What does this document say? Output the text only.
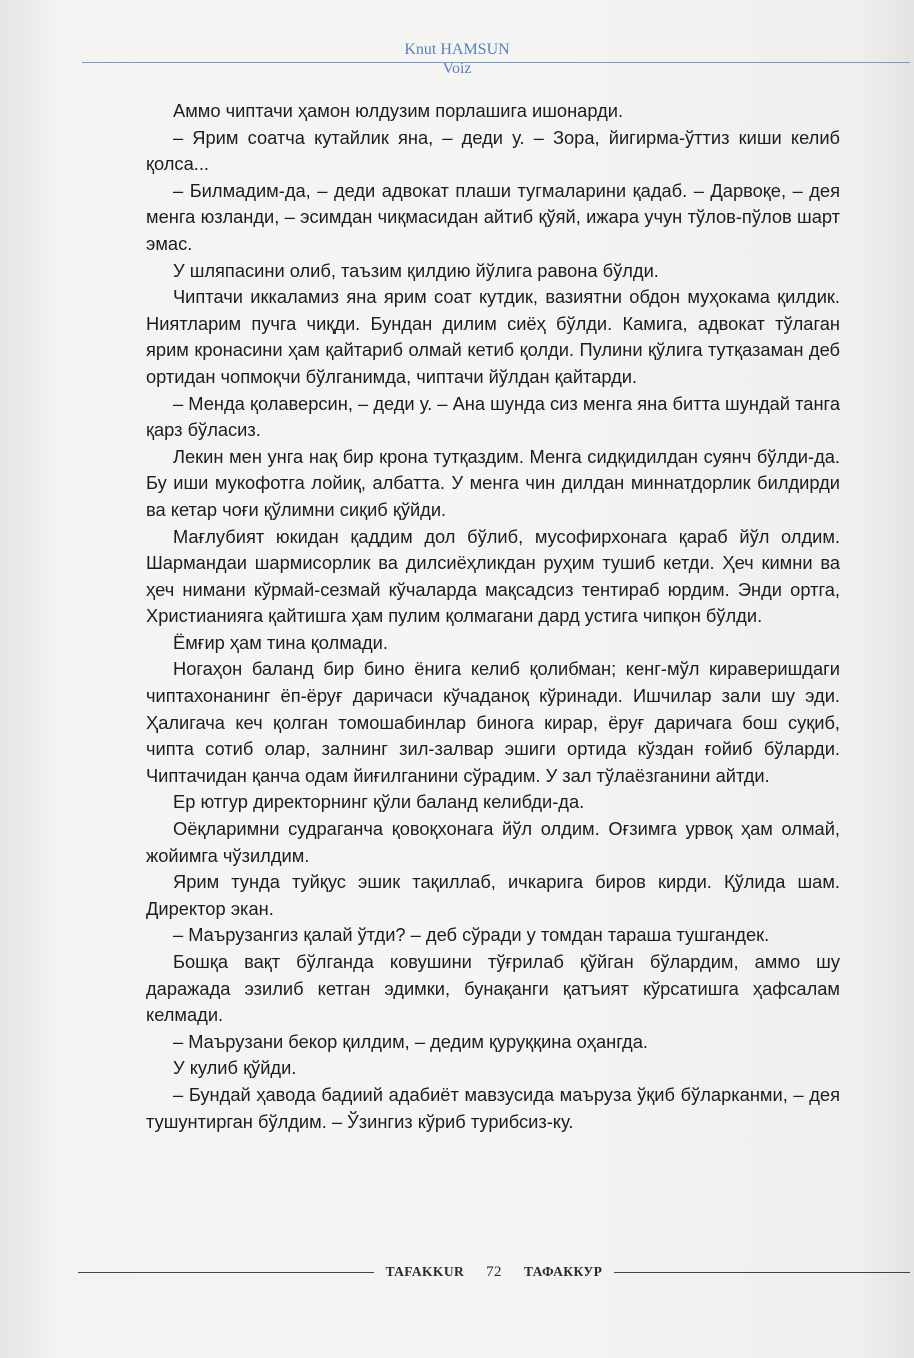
Knut HAMSUN
Voiz

Аммо чиптачи ҳамон юлдузим порлашига ишонарди.

– Ярим соатча кутайлик яна, – деди у. – Зора, йигирма-ўттиз киши келиб қолса...

– Билмадим-да, – деди адвокат плаши тугмаларини қадаб. – Дарвоқе, – дея менга юзланди, – эсимдан чиқмасидан айтиб қўяй, ижара учун тўлов-пўлов шарт эмас.

У шляпасини олиб, таъзим қилдию йўлига равона бўлди.

Чиптачи иккаламиз яна ярим соат кутдик, вазиятни обдон муҳокама қилдик. Ниятларим пучга чиқди. Бундан дилим сиёҳ бўлди. Камига, адвокат тўлаган ярим кронасини ҳам қайтариб олмай кетиб қолди. Пулини қўлига тутқазаман деб ортидан чопмоқчи бўлганимда, чиптачи йўлдан қайтарди.

– Менда қолаверсин, – деди у. – Ана шунда сиз менга яна битта шундай танга қарз бўласиз.

Лекин мен унга нақ бир крона тутқаздим. Менга сидқидилдан суянч бўлди-да. Бу иши мукофотга лойиқ, албатта. У менга чин дилдан миннатдорлик билдирди ва кетар чоғи қўлимни сиқиб қўйди.

Мағлубият юкидан қаддим дол бўлиб, мусофирхонага қараб йўл олдим. Шармандаи шармисорлик ва дилсиёҳликдан руҳим тушиб кетди. Ҳеч кимни ва ҳеч нимани кўрмай-сезмай кўчаларда мақсадсиз тентираб юрдим. Энди ортга, Христианияга қайтишга ҳам пулим қолмагани дард устига чипқон бўлди.

Ёмғир ҳам тина қолмади.

Ногаҳон баланд бир бино ёнига келиб қолибман; кенг-мўл кираверишдаги чиптахонанинг ёп-ёруғ даричаси кўчаданоқ кўринади. Ишчилар зали шу эди. Ҳалигача кеч қолган томошабинлар бинога кирар, ёруғ даричага бош суқиб, чипта сотиб олар, залнинг зил-залвар эшиги ортида кўздан ғойиб бўларди. Чиптачидан қанча одам йиғилганини сўрадим. У зал тўлаёзганини айтди.

Ер ютгур директорнинг қўли баланд келибди-да.

Оёқларимни судраганча қовоқхонага йўл олдим. Оғзимга урвоқ ҳам олмай, жойимга чўзилдим.

Ярим тунда туйқус эшик тақиллаб, ичкарига биров кирди. Қўлида шам. Директор экан.

– Маърузангиз қалай ўтди? – деб сўради у томдан тараша тушгандек.

Бошқа вақт бўлганда ковушини тўғрилаб қўйган бўлардим, аммо шу даражада эзилиб кетган эдимки, бунақанги қатъият кўрсатишга ҳафсалам келмади.

– Маърузани бекор қилдим, – дедим қуруққина оҳангда.

У кулиб қўйди.

– Бундай ҳавода бадиий адабиёт мавзусида маъруза ўқиб бўларканми, – дея тушунтирган бўлдим. – Ўзингиз кўриб турибсиз-ку.

TAFAKKUR	72	ТАФАККУР
